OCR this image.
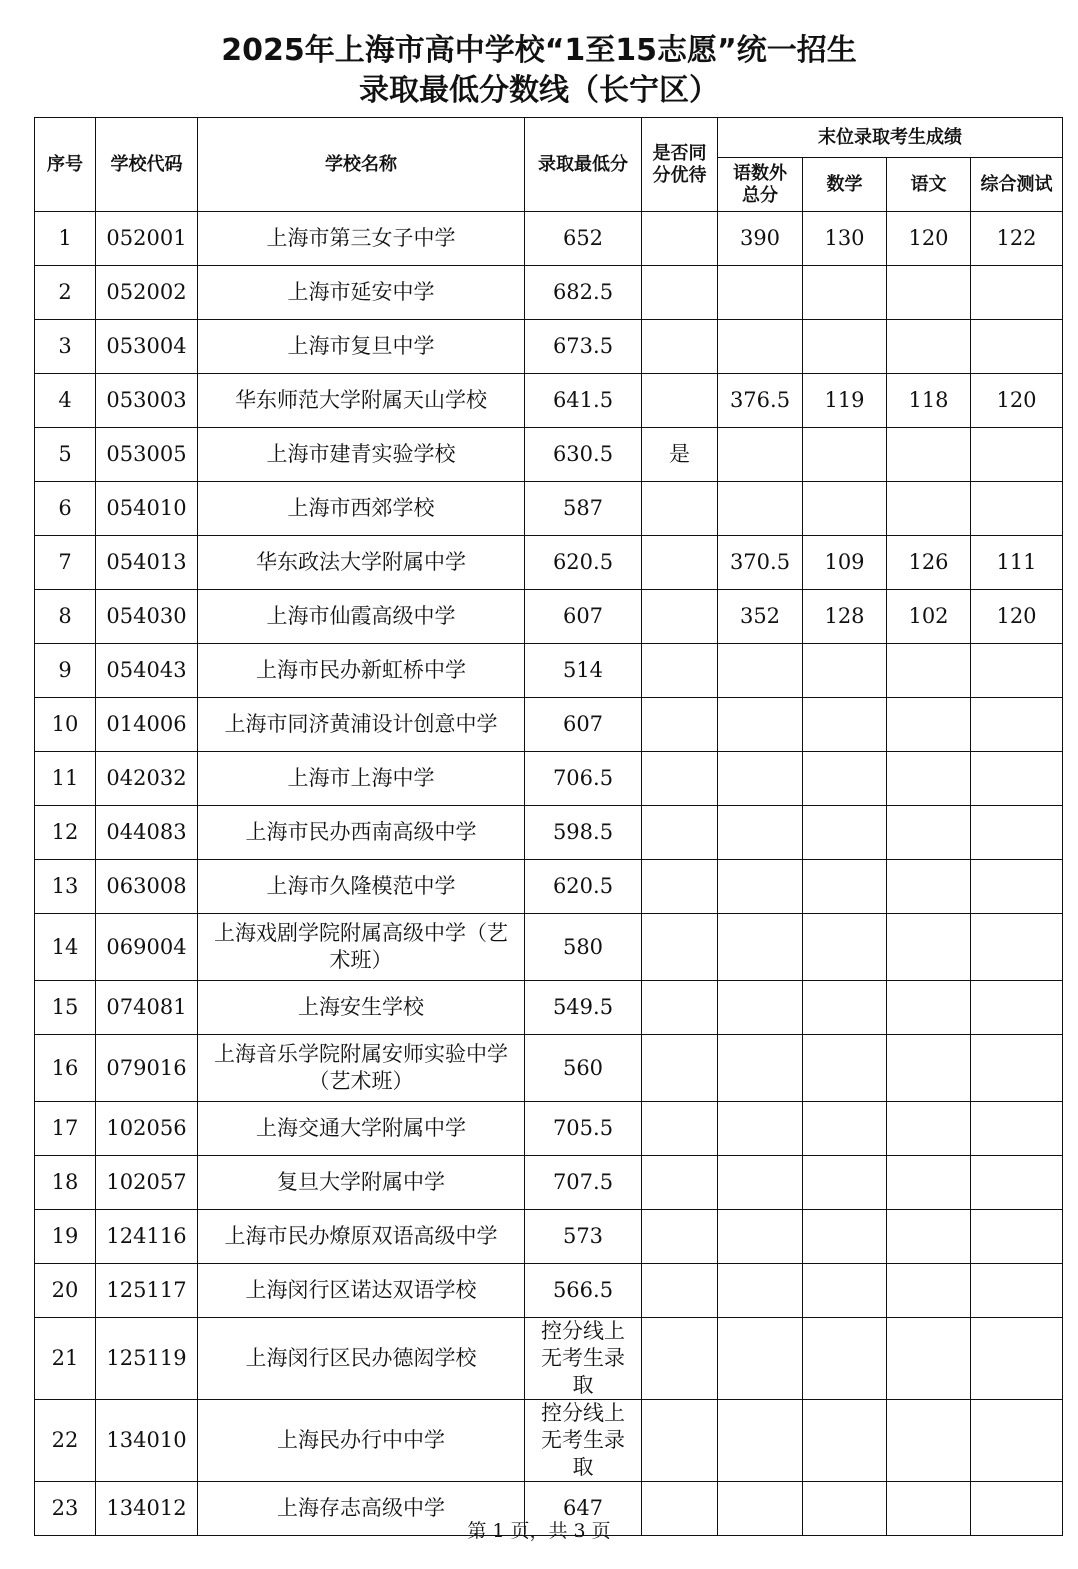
2025年上海市高中学校“1至15志愿”统一招生
录取最低分数线（长宁区）
序号	学校代码	学校名称	录取最低分	是否同分优待	末位录取考生成绩			
					语数外总分	数学	语文	综合测试
1	052001	上海市第三女子中学	652		390	130	120	122
2	052002	上海市延安中学	682.5					
3	053004	上海市复旦中学	673.5					
4	053003	华东师范大学附属天山学校	641.5		376.5	119	118	120
5	053005	上海市建青实验学校	630.5	是				
6	054010	上海市西郊学校	587					
7	054013	华东政法大学附属中学	620.5		370.5	109	126	111
8	054030	上海市仙霞高级中学	607		352	128	102	120
9	054043	上海市民办新虹桥中学	514					
10	014006	上海市同济黄浦设计创意中学	607					
11	042032	上海市上海中学	706.5					
12	044083	上海市民办西南高级中学	598.5					
13	063008	上海市久隆模范中学	620.5					
14	069004	上海戏剧学院附属高级中学（艺术班）	580					
15	074081	上海安生学校	549.5					
16	079016	上海音乐学院附属安师实验中学（艺术班）	560					
17	102056	上海交通大学附属中学	705.5					
18	102057	复旦大学附属中学	707.5					
19	124116	上海市民办燎原双语高级中学	573					
20	125117	上海闵行区诺达双语学校	566.5					
21	125119	上海闵行区民办德闳学校	控分线上无考生录取					
22	134010	上海民办行中中学	控分线上无考生录取					
23	134012	上海存志高级中学	647					
第 1 页，共 3 页
